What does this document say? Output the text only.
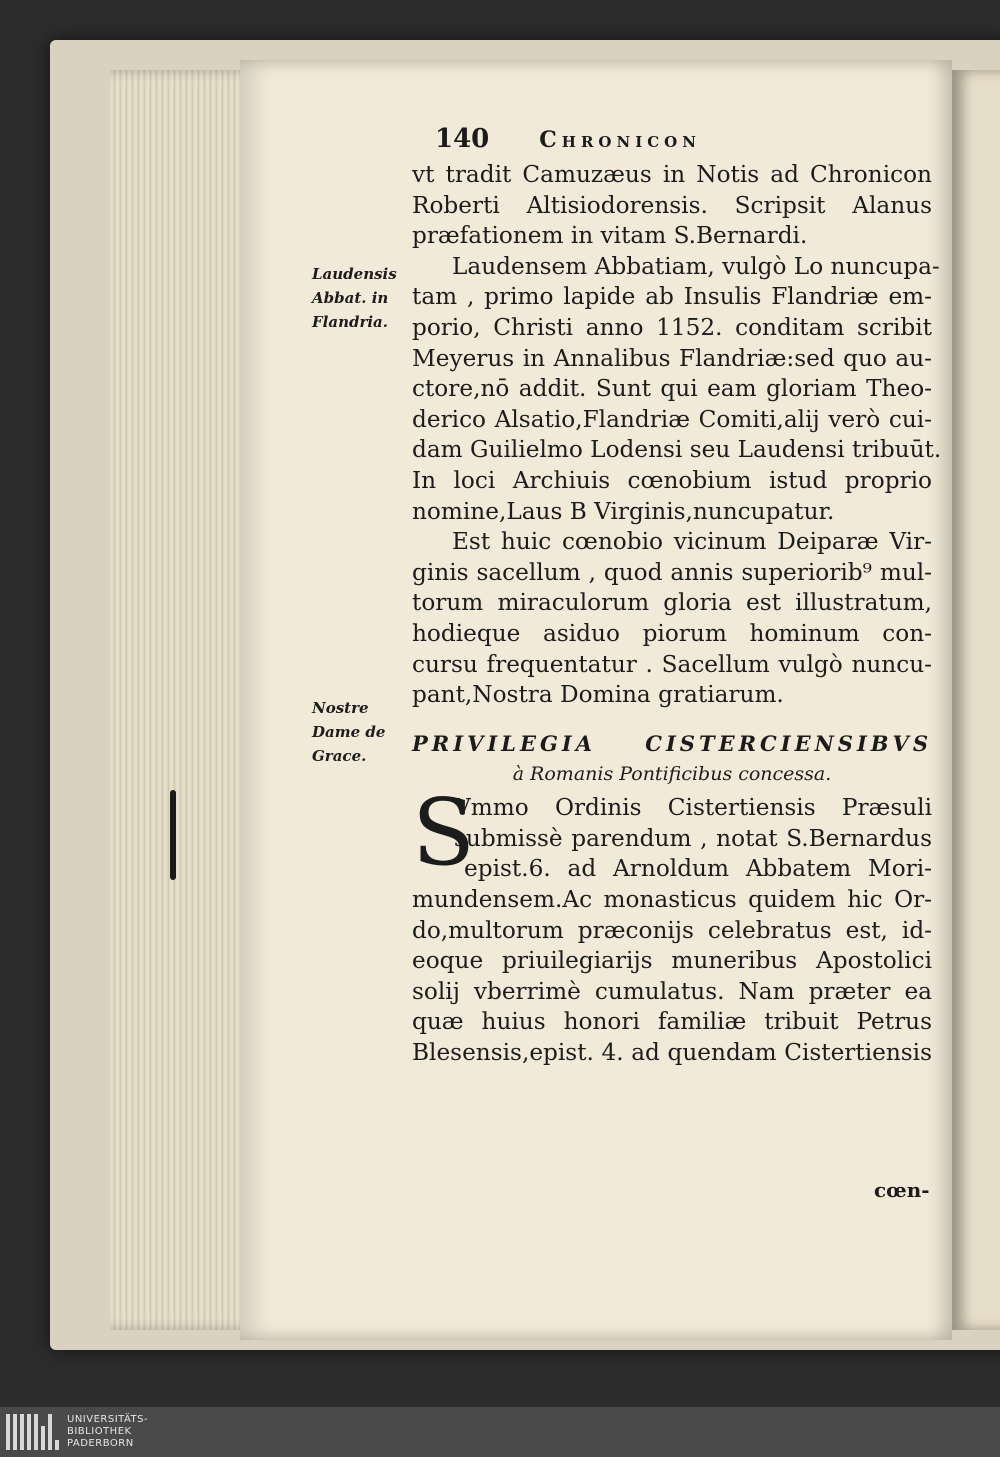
140 Chronicon
Laudensis
Abbat. in
Flandria.
Nostre
Dame de
Grace.
vt tradit Camuzæus in Notis ad Chronicon
Roberti Altisiodorensis. Scripsit Alanus
præfationem in vitam S.Bernardi.
Laudensem Abbatiam, vulgò Lo nuncupa-
tam , primo lapide ab Insulis Flandriæ em-
porio, Christi anno 1152. conditam scribit
Meyerus in Annalibus Flandriæ:sed quo au-
ctore,nō addit. Sunt qui eam gloriam Theo-
derico Alsatio,Flandriæ Comiti,alij verò cui-
dam Guilielmo Lodensi seu Laudensi tribuūt.
In loci Archiuis cœnobium istud proprio
nomine,Laus B Virginis,nuncupatur.
Est huic cœnobio vicinum Deiparæ Vir-
ginis sacellum , quod annis superiorib⁹ mul-
torum miraculorum gloria est illustratum,
hodieque asiduo piorum hominum con-
cursu frequentatur . Sacellum vulgò nuncu-
pant,Nostra Domina gratiarum.
PRIVILEGIA CISTERCIENSIBVS
à Romanis Pontificibus concessa.
S
Vmmo Ordinis Cistertiensis Præsuli
submissè parendum , notat S.Bernardus
epist.6. ad Arnoldum Abbatem Mori-
mundensem.Ac monasticus quidem hic Or-
do,multorum præconijs celebratus est, id-
eoque priuilegiarijs muneribus Apostolici
solij vberrimè cumulatus. Nam præter ea
quæ huius honori familiæ tribuit Petrus
Blesensis,epist. 4. ad quendam Cistertiensis
cœn-
UNIVERSITÄTS-
BIBLIOTHEK
PADERBORN
